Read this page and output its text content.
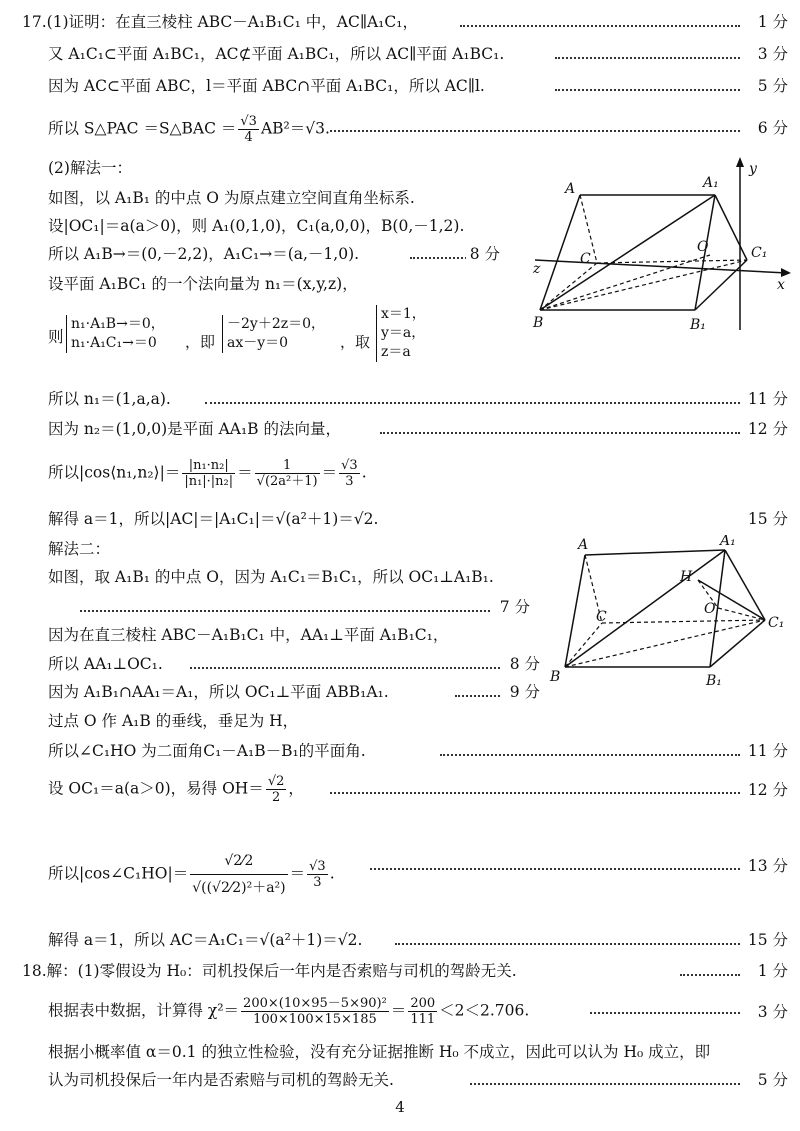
17.(1)证明：在直三棱柱 ABC－A₁B₁C₁ 中，AC∥A₁C₁，	1 分
又 A₁C₁⊂平面 A₁BC₁，AC⊄平面 A₁BC₁，所以 AC∥平面 A₁BC₁.	3 分
因为 AC⊂平面 ABC，l＝平面 ABC∩平面 A₁BC₁，所以 AC∥l.	5 分
所以 S△PAC ＝S△BAC ＝ $\frac{√3}{4} AB^2=√3$.	6 分
(2)解法一：
如图，以 A₁B₁ 的中点 O 为原点建立空间直角坐标系.
设|OC₁|＝a(a＞0)，则 A₁(0,1,0)，C₁(a,0,0)，B(0,－1,2).
所以 A₁B→＝(0,－2,2)，A₁C₁→＝(a,－1,0).	8 分
设平面 A₁BC₁ 的一个法向量为 n₁＝(x,y,z)，
则
n₁·A₁B→＝0，
n₁·A₁C₁→＝0	，即
－2y＋2z＝0，
ax－y＝0	，取
x＝1，
y＝a，
z＝a
所以 n₁＝(1,a,a).	11 分
因为 n₂＝(1,0,0)是平面 AA₁B 的法向量，	12 分
所以|cos⟨n₁,n₂⟩|＝ $\frac{\text{|n₁·n₂|}}{\text{|n₁|·|n₂|}} = \frac{1}{\text{√(2a²＋1)}} = \frac{√3}{3}$ .
解得 a＝1，所以|AC|＝|A₁C₁|＝√(a²＋1)＝√2.	15 分
解法二：
如图，取 A₁B₁ 的中点 O，因为 A₁C₁＝B₁C₁，所以 OC₁⊥A₁B₁.
7 分
因为在直三棱柱 ABC－A₁B₁C₁ 中，AA₁⊥平面 A₁B₁C₁，
所以 AA₁⊥OC₁.	8 分
因为 A₁B₁∩AA₁＝A₁，所以 OC₁⊥平面 ABB₁A₁.	9 分
过点 O 作 A₁B 的垂线，垂足为 H，
所以∠C₁HO 为二面角C₁－A₁B－B₁的平面角.	11 分
设 OC₁＝a(a＞0)，易得 $OH= \frac{√2}{2}$ ，	12 分
所以|cos∠C₁HO|＝ $\frac{√2⁄2}{\text{√((√2⁄2)²＋a²)}} = \frac{√3}{3}$ .	13 分
解得 a＝1，所以 AC＝A₁C₁＝√(a²＋1)＝√2.	15 分
18.解：(1)零假设为 H₀：司机投保后一年内是否索赔与司机的驾龄无关.	1 分
根据表中数据，计算得 $\chi^2= \frac{\text{200×(10×95－5×90)²}}{100\times 100\times 15\times 185} = \frac{200}{111} <2<2.706$.	3 分
根据小概率值 α＝0.1 的独立性检验，没有充分证据推断 H₀ 不成立，因此可以认为 H₀ 成立，即
认为司机投保后一年内是否索赔与司机的驾龄无关.	5 分
A	A₁
y
O
C	C₁
x
z
B	B₁
A	A₁
H
O
C	C₁
B	B₁
4
